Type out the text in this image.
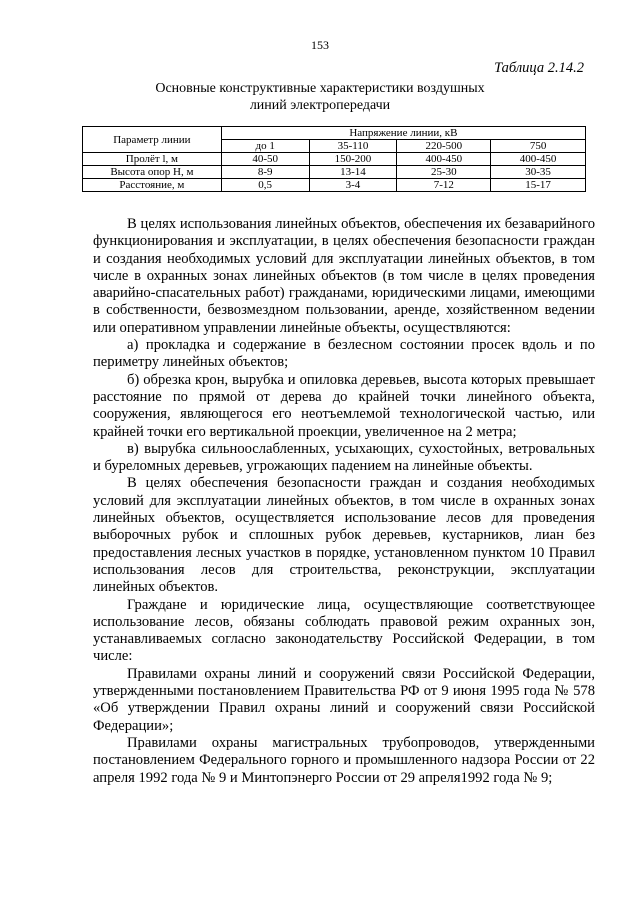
153
Таблица 2.14.2
Основные конструктивные характеристики воздушных
линий электропередачи
Параметр линии	Напряжение линии, кВ			
	до 1	35-110	220-500	750
Пролёт l, м	40-50	150-200	400-450	400-450
Высота опор H, м	8-9	13-14	25-30	30-35
Расстояние, м	0,5	3-4	7-12	15-17

В целях использования линейных объектов, обеспечения их безаварийного функционирования и эксплуатации, в целях обеспечения безопасности граждан и создания необходимых условий для эксплуатации линейных объектов, в том числе в охранных зонах линейных объектов (в том числе в целях проведения аварийно-спасательных работ) гражданами, юридическими лицами, имеющими в собственности, безвозмездном пользовании, аренде, хозяйственном ведении или оперативном управлении линейные объекты, осуществляются:

а) прокладка и содержание в безлесном состоянии просек вдоль и по периметру линейных объектов;

б) обрезка крон, вырубка и опиловка деревьев, высота которых превышает расстояние по прямой от дерева до крайней точки линейного объекта, сооружения, являющегося его неотъемлемой технологической частью, или крайней точки его вертикальной проекции, увеличенное на 2 метра;

в) вырубка сильноослабленных, усыхающих, сухостойных, ветровальных и буреломных деревьев, угрожающих падением на линейные объекты.

В целях обеспечения безопасности граждан и создания необходимых условий для эксплуатации линейных объектов, в том числе в охранных зонах линейных объектов, осуществляется использование лесов для проведения выборочных рубок и сплошных рубок деревьев, кустарников, лиан без предоставления лесных участков в порядке, установленном пунктом 10 Правил использования лесов для строительства, реконструкции, эксплуатации линейных объектов.

Граждане и юридические лица, осуществляющие соответствующее использование лесов, обязаны соблюдать правовой режим охранных зон, устанавливаемых согласно законодательству Российской Федерации, в том числе:

Правилами охраны линий и сооружений связи Российской Федерации, утвержденными постановлением Правительства РФ от 9 июня 1995 года № 578 «Об утверждении Правил охраны линий и сооружений связи Российской Федерации»;

Правилами охраны магистральных трубопроводов, утвержденными постановлением Федерального горного и промышленного надзора России от 22 апреля 1992 года № 9 и Минтопэнерго России от 29 апреля1992 года № 9;
